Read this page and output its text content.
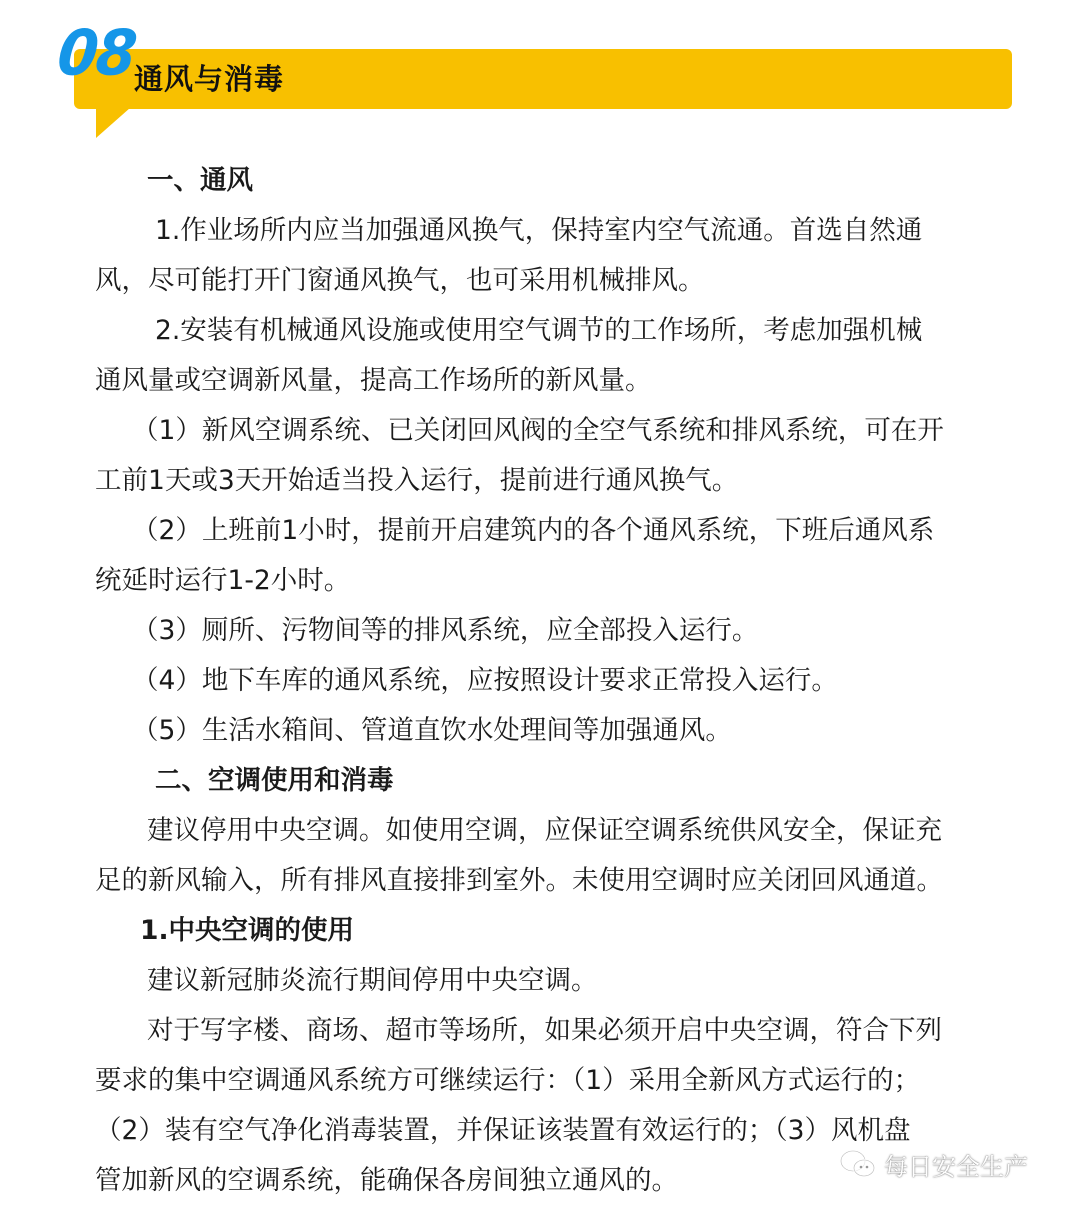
08
通风与消毒
一、通风
1.作业场所内应当加强通风换气，保持室内空气流通。首选自然通
风，尽可能打开门窗通风换气，也可采用机械排风。
2.安装有机械通风设施或使用空气调节的工作场所，考虑加强机械
通风量或空调新风量，提高工作场所的新风量。
（1）新风空调系统、已关闭回风阀的全空气系统和排风系统，可在开
工前1天或3天开始适当投入运行，提前进行通风换气。
（2）上班前1小时，提前开启建筑内的各个通风系统，下班后通风系
统延时运行1-2小时。
（3）厕所、污物间等的排风系统，应全部投入运行。
（4）地下车库的通风系统，应按照设计要求正常投入运行。
（5）生活水箱间、管道直饮水处理间等加强通风。
二、空调使用和消毒
建议停用中央空调。如使用空调，应保证空调系统供风安全，保证充
足的新风输入，所有排风直接排到室外。未使用空调时应关闭回风通道。
1.中央空调的使用
建议新冠肺炎流行期间停用中央空调。
对于写字楼、商场、超市等场所，如果必须开启中央空调，符合下列
要求的集中空调通风系统方可继续运行：（1）采用全新风方式运行的；
（2）装有空气净化消毒装置，并保证该装置有效运行的；（3）风机盘
管加新风的空调系统，能确保各房间独立通风的。	每日安全生产
